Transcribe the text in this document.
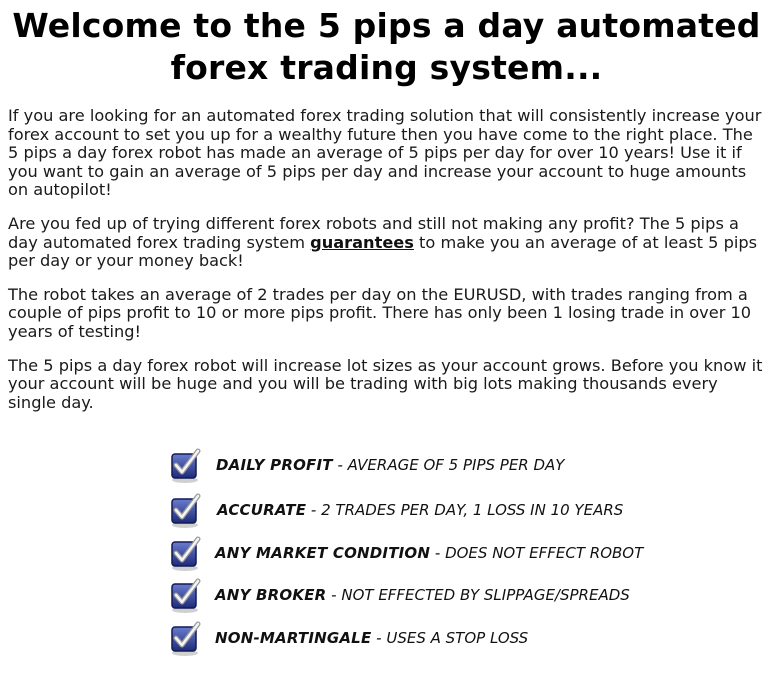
Welcome to the 5 pips a day automated
forex trading system...

If you are looking for an automated forex trading solution that will consistently increase your forex account to set you up for a wealthy future then you have come to the right place. The 5 pips a day forex robot has made an average of 5 pips per day for over 10 years! Use it if you want to gain an average of 5 pips per day and increase your account to huge amounts on autopilot!

Are you fed up of trying different forex robots and still not making any profit? The 5 pips a day automated forex trading system guarantees to make you an average of at least 5 pips per day or your money back!

The robot takes an average of 2 trades per day on the EURUSD, with trades ranging from a couple of pips profit to 10 or more pips profit. There has only been 1 losing trade in over 10 years of testing!

The 5 pips a day forex robot will increase lot sizes as your account grows. Before you know it your account will be huge and you will be trading with big lots making thousands every single day.

DAILY PROFIT - AVERAGE OF 5 PIPS PER DAY
ACCURATE - 2 TRADES PER DAY, 1 LOSS IN 10 YEARS
ANY MARKET CONDITION - DOES NOT EFFECT ROBOT
ANY BROKER - NOT EFFECTED BY SLIPPAGE/SPREADS
NON-MARTINGALE - USES A STOP LOSS
